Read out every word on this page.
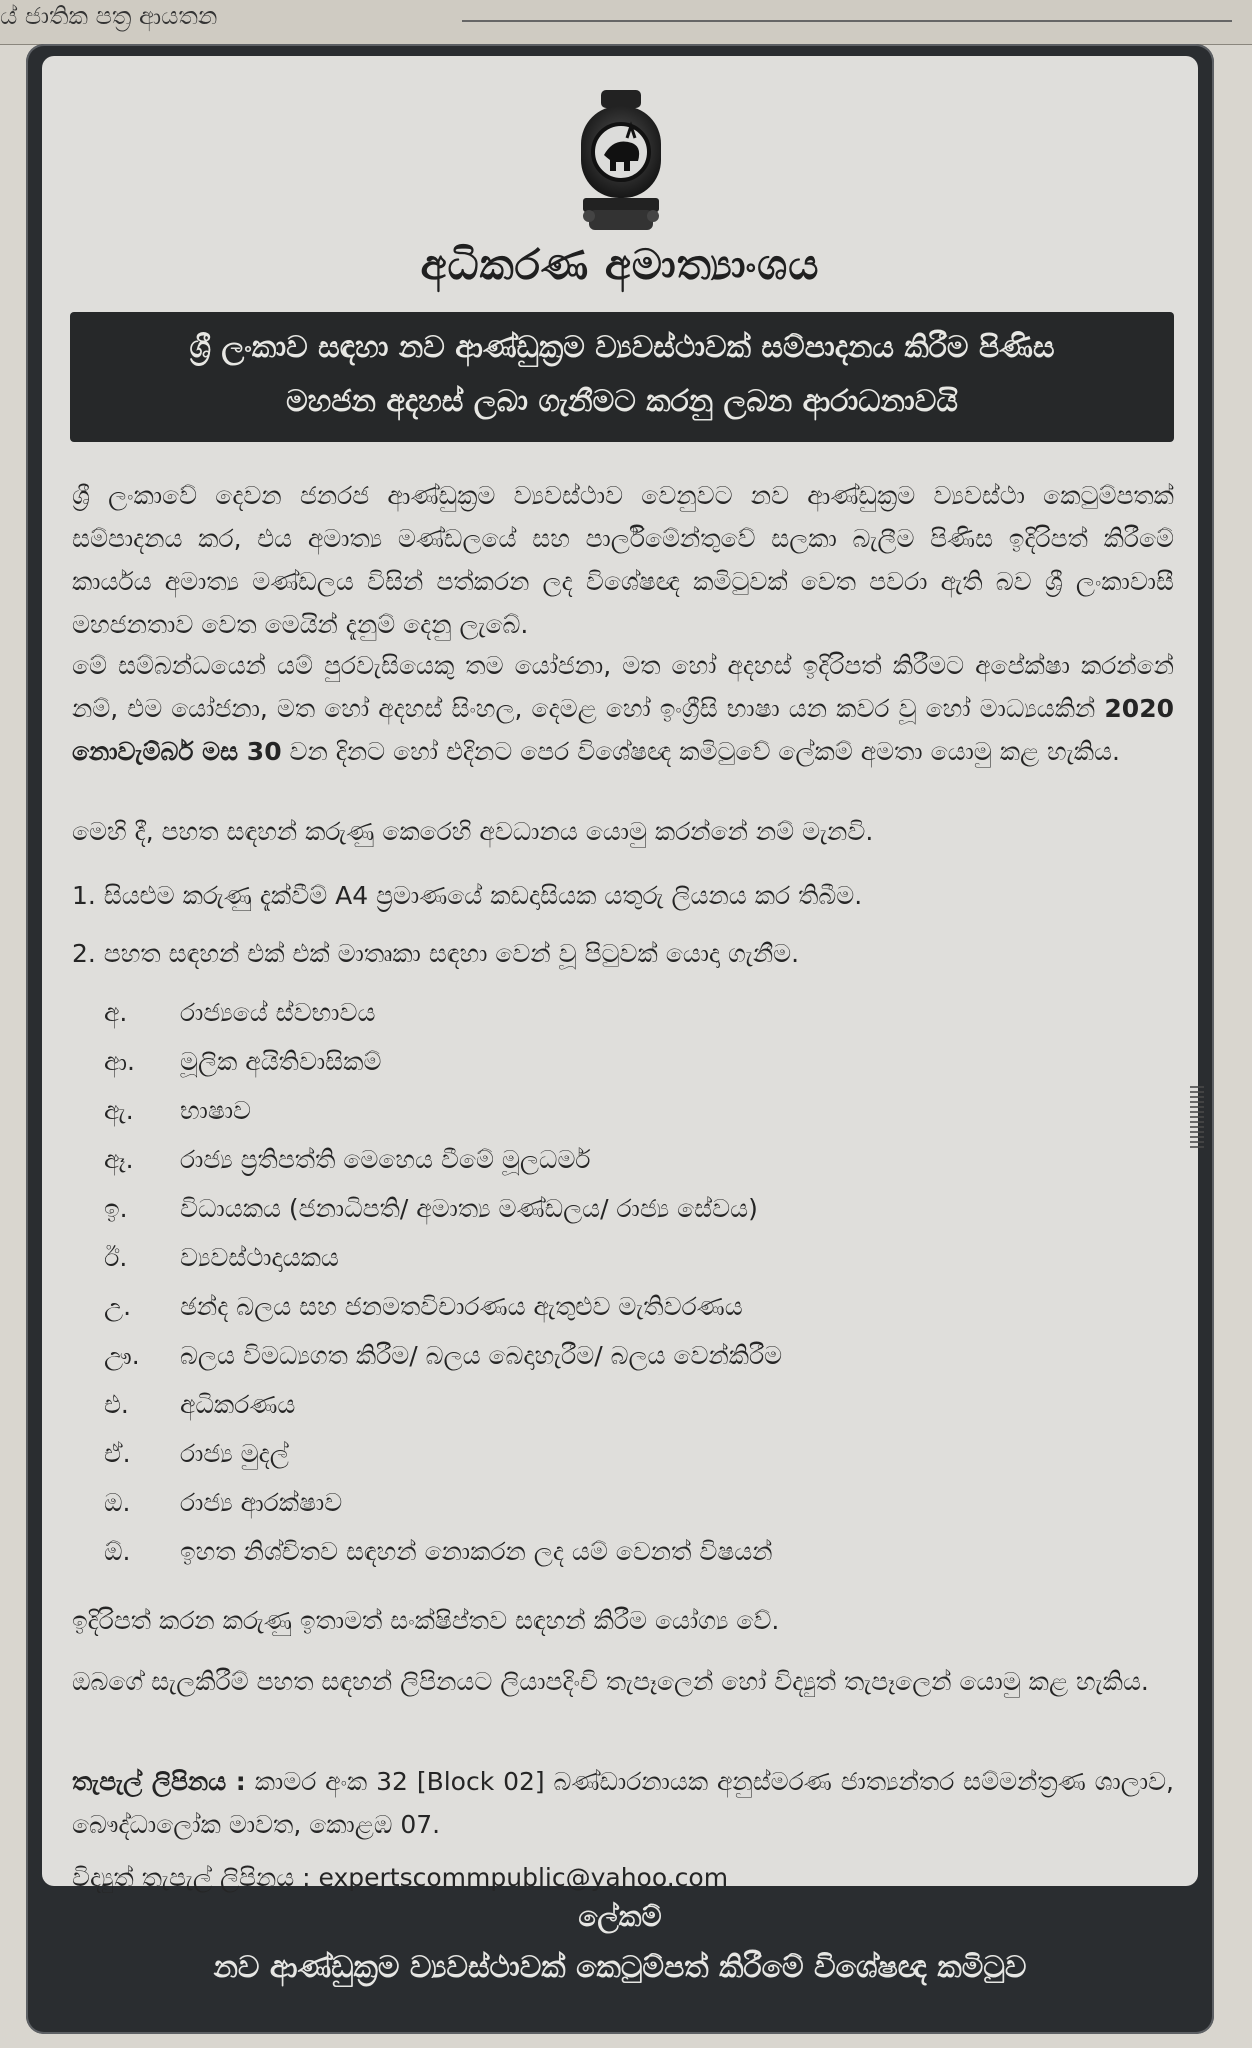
ය් ජාතික පත්‍ර ආයතන
අධිකරණ අමාත්‍යාංශය
ශ්‍රී ලංකාව සඳහා නව ආණ්ඩුක්‍රම ව්‍යවස්ථාවක් සම්පාදනය කිරීම පිණිස
මහජන අදහස් ලබා ගැනීමට කරනු ලබන ආරාධනාවයි

ශ්‍රී ලංකාවේ දෙවන ජනරජ ආණ්ඩුක්‍රම ව්‍යවස්ථාව වෙනුවට නව ආණ්ඩුක්‍රම ව්‍යවස්ථා කෙටුම්පතක් සම්පාදනය කර, එය අමාත්‍ය මණ්ඩලයේ සහ පාර්ලිමේන්තුවේ සලකා බැලීම පිණිස ඉදිරිපත් කිරීමේ කාර්යය අමාත්‍ය මණ්ඩලය විසින් පත්කරන ලද විශේෂඥ කමිටුවක් වෙත පවරා ඇති බව ශ්‍රී ලංකාවාසී මහජනතාව වෙත මෙයින් දැනුම් දෙනු ලැබේ.

මේ සම්බන්ධයෙන් යම් පුරවැසියෙකු තම යෝජනා, මත හෝ අදහස් ඉදිරිපත් කිරීමට අපේක්ෂා කරන්නේ නම්, එම යෝජනා, මත හෝ අදහස් සිංහල, දෙමළ හෝ ඉංග්‍රීසි භාෂා යන කවර වූ හෝ මාධ්‍යයකින් 2020 නොවැම්බර් මස 30 වන දිනට හෝ එදිනට පෙර විශේෂඥ කමිටුවේ ලේකම් අමතා යොමු කළ හැකිය.

මෙහි දී, පහත සඳහන් කරුණු කෙරෙහි අවධානය යොමු කරන්නේ නම් මැනවි.

1. සියළුම කරුණු දැක්වීම් A4 ප්‍රමාණයේ කඩදාසියක යතුරු ලියනය කර තිබීම.
2. පහත සඳහන් එක් එක් මාතෘකා සඳහා වෙන් වූ පිටුවක් යොදා ගැනීම.
අ.	රාජ්‍යයේ ස්වභාවය
ආ.	මූලික අයිතිවාසිකම්
ඇ.	භාෂාව
ඈ.	රාජ්‍ය ප්‍රතිපත්ති මෙහෙය වීමේ මූලධර්ම
ඉ.	විධායකය (ජනාධිපති/ අමාත්‍ය මණ්ඩලය/ රාජ්‍ය සේවය)
ඊ.	ව්‍යවස්ථාදායකය
උ.	ඡන්ද බලය සහ ජනමතවිචාරණය ඇතුළුව මැතිවරණය
ඌ.	බලය විමධ්‍යගත කිරීම/ බලය බෙදාහැරීම/ බලය වෙන්කිරීම
එ.	අධිකරණය
ඒ.	රාජ්‍ය මුදල්
ඔ.	රාජ්‍ය ආරක්ෂාව
ඕ.	ඉහත නිශ්චිතව සඳහන් නොකරන ලද යම් වෙනත් විෂයන්

ඉදිරිපත් කරන කරුණු ඉතාමත් සංක්ෂිප්තව සඳහන් කිරීම යෝග්‍ය වේ.

ඔබගේ සැලකිරීම් පහත සඳහන් ලිපිනයට ලියාපදිංචි තැපෑලෙන් හෝ විද්‍යුත් තැපෑලෙන් යොමු කළ හැකිය.

තැපැල් ලිපිනය : කාමර අංක 32 [Block 02] බණ්ඩාරනායක අනුස්මරණ ජාත්‍යන්තර සම්මන්ත්‍රණ ශාලාව, බෞද්ධාලෝක මාවත, කොළඹ 07.

විද්‍යුත් තැපැල් ලිපිනය : expertscommpublic@yahoo.com

ලේකම්
නව ආණ්ඩුක්‍රම ව්‍යවස්ථාවක් කෙටුම්පත් කිරීමේ විශේෂඥ කමිටුව
